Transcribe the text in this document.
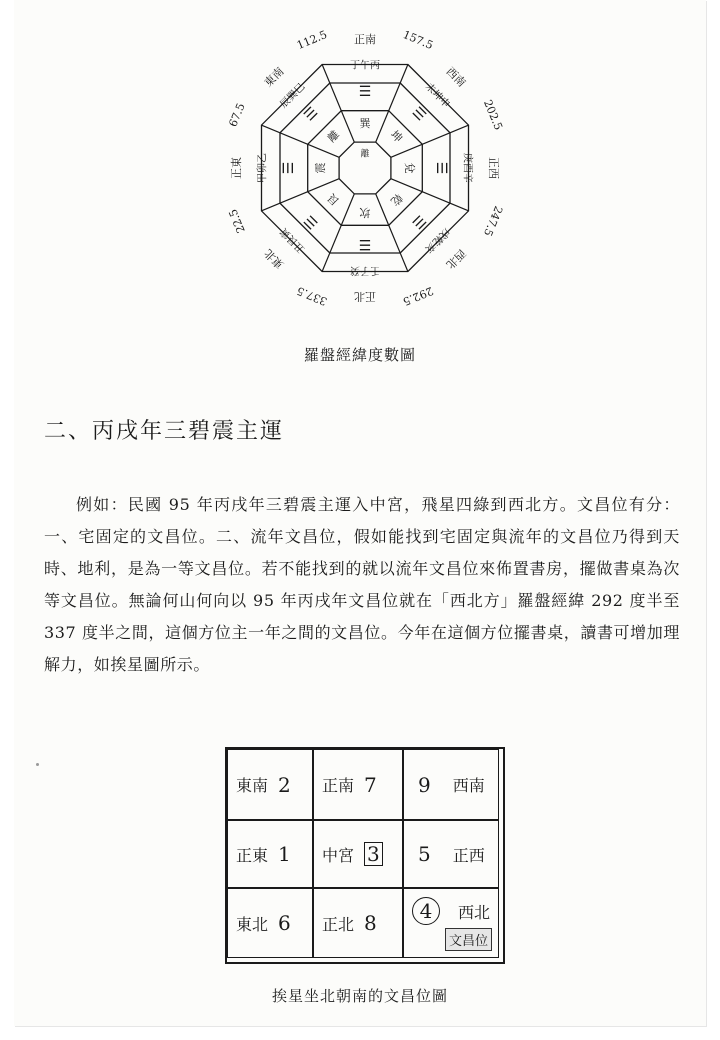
巽
☰
丁午丙
正南 157.5
坤
☰
未坤申
西南
202.5
兌 ☰ 庚酉辛 正西
247.5
乾
☰
戌乾亥
西北
292.5
坎
☰
壬子癸
正北
337.5
艮
☰
丑艮寅
東北
22.5
震
☰
甲卯乙
正東
67.5
離
☰
辰巽巳
東南
112.5
離
羅盤經緯度數圖
二、丙戌年三碧震主運
例如：民國 95 年丙戌年三碧震主運入中宮，飛星四綠到西北方。文昌位有分：一、宅固定的文昌位。二、流年文昌位，假如能找到宅固定與流年的文昌位乃得到天時、地利，是為一等文昌位。若不能找到的就以流年文昌位來佈置書房，擺做書桌為次等文昌位。無論何山何向以 95 年丙戌年文昌位就在「西北方」羅盤經緯 292 度半至 337 度半之間，這個方位主一年之間的文昌位。今年在這個方位擺書桌，讀書可增加理解力，如挨星圖所示。
東南 2 正南 7 9 西南
正東 1 中宮 3 5 正西
東北 6 正北 8	4	西北
文昌位
挨星坐北朝南的文昌位圖
